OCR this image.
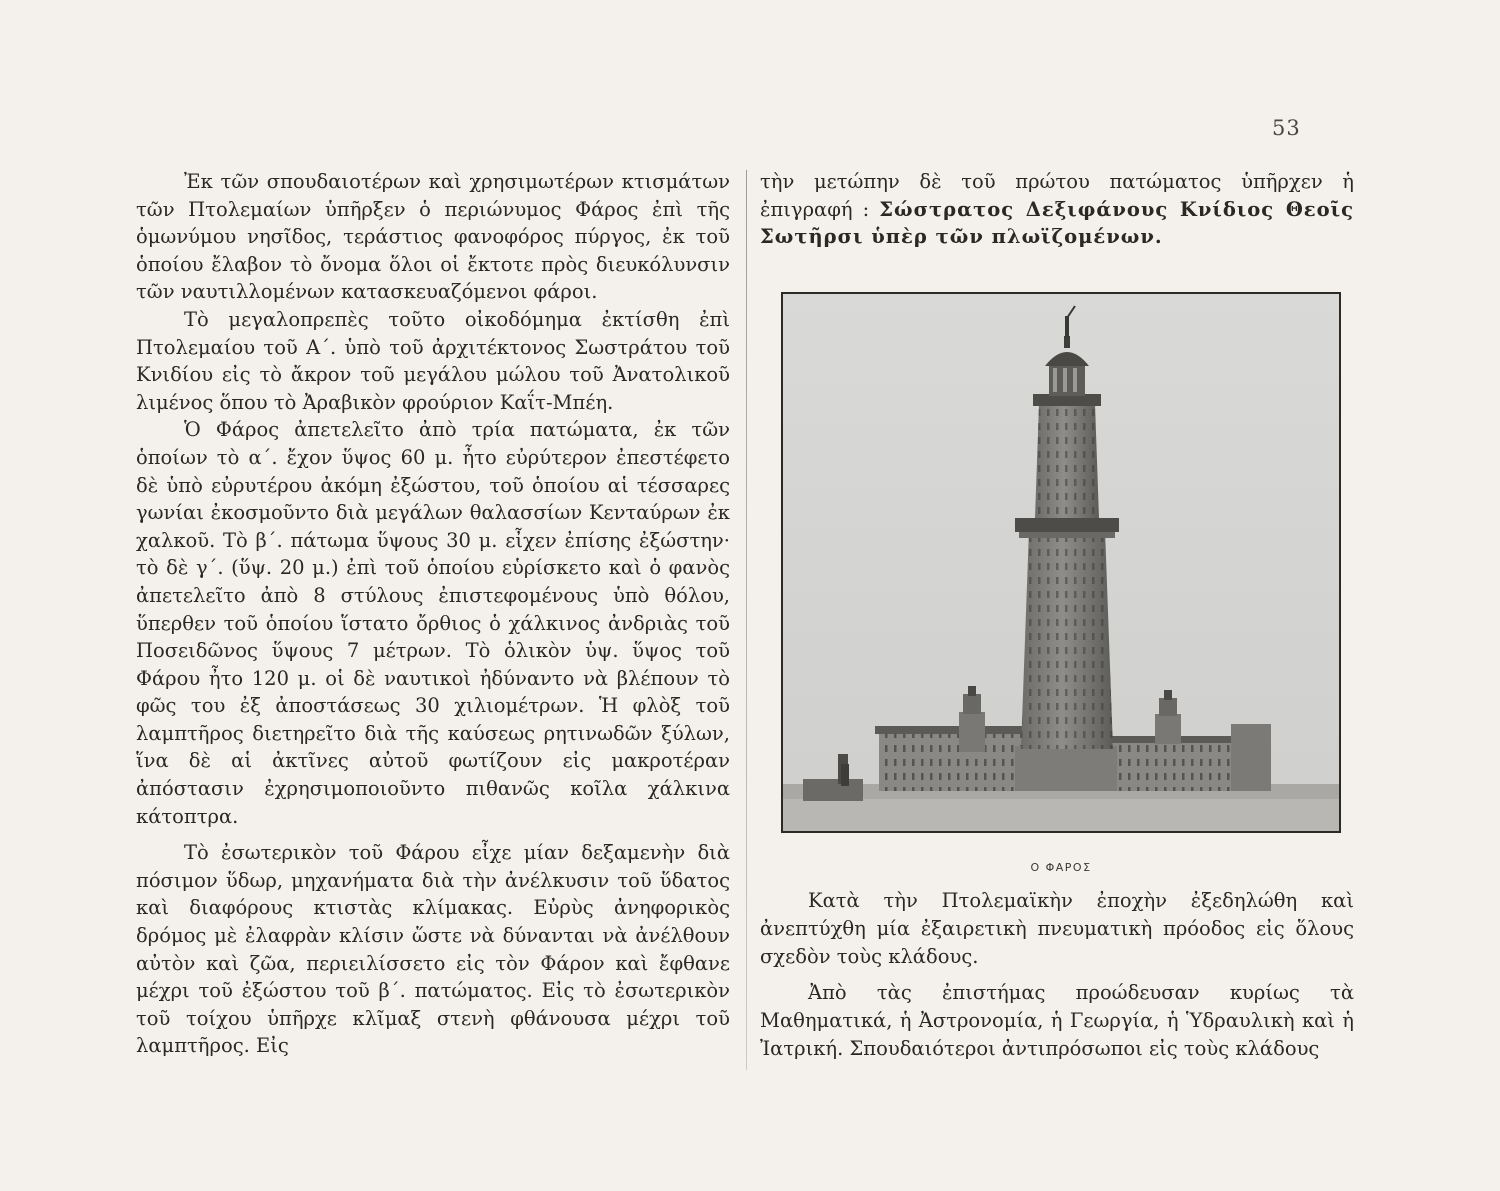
53

Ἐκ τῶν σπουδαιοτέρων καὶ χρησιμωτέρων κτισμάτων τῶν Πτολεμαίων ὑπῆρξεν ὁ περιώνυμος Φάρος ἐπὶ τῆς ὁμωνύμου νησῖδος, τεράστιος φανοφόρος πύργος, ἐκ τοῦ ὁποίου ἔλαβον τὸ ὄνομα ὅλοι οἱ ἔκτοτε πρὸς διευκόλυνσιν τῶν ναυτιλλομένων κατασκευαζόμενοι φάροι.

Τὸ μεγαλοπρεπὲς τοῦτο οἰκοδόμημα ἐκτίσθη ἐπὶ Πτολεμαίου τοῦ Α΄. ὑπὸ τοῦ ἀρχιτέκτονος Σωστράτου τοῦ Κνιδίου εἰς τὸ ἄκρον τοῦ μεγάλου μώλου τοῦ Ἀνατολικοῦ λιμένος ὅπου τὸ Ἀραβικὸν φρούριον Καΐτ-Μπέη.

Ὁ Φάρος ἀπετελεῖτο ἀπὸ τρία πατώματα, ἐκ τῶν ὁποίων τὸ α΄. ἔχον ὕψος 60 μ. ἦτο εὐρύτερον ἐπεστέφετο δὲ ὑπὸ εὐρυτέρου ἀκόμη ἐξώστου, τοῦ ὁποίου αἱ τέσσαρες γωνίαι ἐκοσμοῦντο διὰ μεγάλων θαλασσίων Κενταύρων ἐκ χαλκοῦ. Τὸ β΄. πάτωμα ὕψους 30 μ. εἶχεν ἐπίσης ἐξώστην· τὸ δὲ γ΄. (ὕψ. 20 μ.) ἐπὶ τοῦ ὁποίου εὑρίσκετο καὶ ὁ φανὸς ἀπετελεῖτο ἀπὸ 8 στύλους ἐπιστεφομένους ὑπὸ θόλου, ὕπερθεν τοῦ ὁποίου ἵστατο ὄρθιος ὁ χάλκινος ἀνδριὰς τοῦ Ποσειδῶνος ὕψους 7 μέτρων. Τὸ ὁλικὸν ὑψ. ὕψος τοῦ Φάρου ἦτο 120 μ. οἱ δὲ ναυτικοὶ ἠδύναντο νὰ βλέπουν τὸ φῶς του ἐξ ἀποστάσεως 30 χιλιομέτρων. Ἡ φλὸξ τοῦ λαμπτῆρος διετηρεῖτο διὰ τῆς καύσεως ρητινωδῶν ξύλων, ἵνα δὲ αἱ ἀκτῖνες αὐτοῦ φωτίζουν εἰς μακροτέραν ἀπόστασιν ἐχρησιμοποιοῦντο πιθανῶς κοῖλα χάλκινα κάτοπτρα.

Τὸ ἐσωτερικὸν τοῦ Φάρου εἶχε μίαν δεξαμενὴν διὰ πόσιμον ὕδωρ, μηχανήματα διὰ τὴν ἀνέλκυσιν τοῦ ὕδατος καὶ διαφόρους κτιστὰς κλίμακας. Εὐρὺς ἀνηφορικὸς δρόμος μὲ ἐλαφρὰν κλίσιν ὥστε νὰ δύνανται νὰ ἀνέλθουν αὐτὸν καὶ ζῶα, περιειλίσσετο εἰς τὸν Φάρον καὶ ἔφθανε μέχρι τοῦ ἐξώστου τοῦ β΄. πατώματος. Εἰς τὸ ἐσωτερικὸν τοῦ τοίχου ὑπῆρχε κλῖμαξ στενὴ φθάνουσα μέχρι τοῦ λαμπτῆρος. Εἰς

τὴν μετώπην δὲ τοῦ πρώτου πατώματος ὑπῆρχεν ἡ ἐπιγραφή : Σώστρατος Δεξιφάνους Κνίδιος Θεοῖς Σωτῆρσι ὑπὲρ τῶν πλωϊζομένων.

Ο ΦΑΡΟΣ

Κατὰ τὴν Πτολεμαϊκὴν ἐποχὴν ἐξεδηλώθη καὶ ἀνεπτύχθη μία ἐξαιρετικὴ πνευματικὴ πρόοδος εἰς ὅλους σχεδὸν τοὺς κλάδους.

Ἀπὸ τὰς ἐπιστήμας προώδευσαν κυρίως τὰ Μαθηματικά, ἡ Ἀστρονομία, ἡ Γεωργία, ἡ Ὑδραυλικὴ καὶ ἡ Ἰατρική. Σπουδαιότεροι ἀντιπρόσωποι εἰς τοὺς κλάδους
